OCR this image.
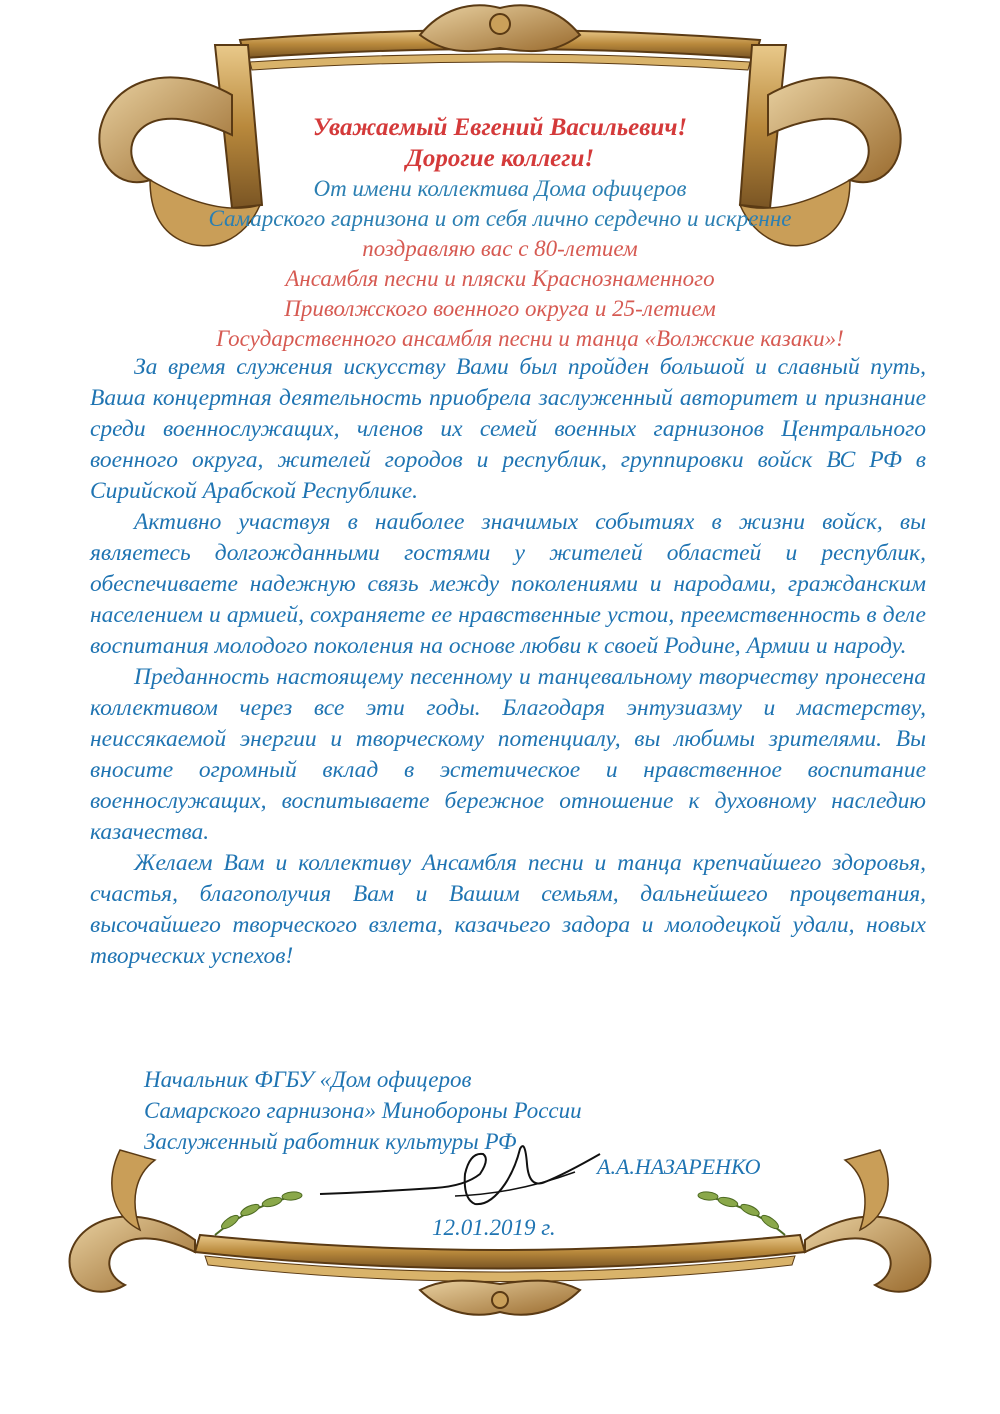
Уважаемый Евгений Васильевич!
Дорогие коллеги!
От имени коллектива Дома офицеров
Самарского гарнизона и от себя лично сердечно и искренне
поздравляю вас с 80-летием
Ансамбля песни и пляски Краснознаменного
Приволжского военного округа и 25-летием
Государственного ансамбля песни и танца «Волжские казаки»!

За время служения искусству Вами был пройден большой и славный путь, Ваша концертная деятельность приобрела заслуженный авторитет и признание среди военнослужащих, членов их семей военных гарнизонов Центрального военного округа, жителей городов и республик, группировки войск ВС РФ в Сирийской Арабской Республике.

Активно участвуя в наиболее значимых событиях в жизни войск, вы являетесь долгожданными гостями у жителей областей и республик, обеспечиваете надежную связь между поколениями и народами, гражданским населением и армией, сохраняете ее нравственные устои, преемственность в деле воспитания молодого поколения на основе любви к своей Родине, Армии и народу.

Преданность настоящему песенному и танцевальному творчеству пронесена коллективом через все эти годы. Благодаря энтузиазму и мастерству, неиссякаемой энергии и творческому потенциалу, вы любимы зрителями. Вы вносите огромный вклад в эстетическое и нравственное воспитание военнослужащих, воспитываете бережное отношение к духовному наследию казачества.

Желаем Вам и коллективу Ансамбля песни и танца крепчайшего здоровья, счастья, благополучия Вам и Вашим семьям, дальнейшего процветания, высочайшего творческого взлета, казачьего задора и молодецкой удали, новых творческих успехов!

Начальник ФГБУ «Дом офицеров
Самарского гарнизона» Минобороны России
Заслуженный работник культуры РФ
А.А.НАЗАРЕНКО
12.01.2019 г.
